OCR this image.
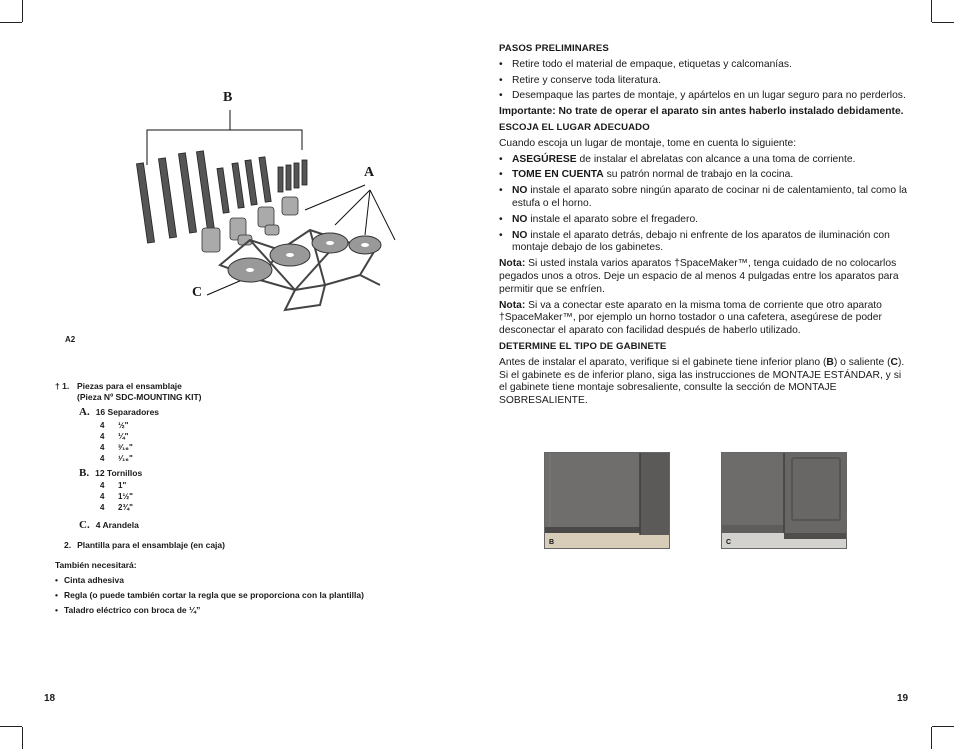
B
A
C
A2
† 1. Piezas para el ensamblaje
(Pieza Nº SDC-MOUNTING KIT)
A. 16 Separadores
4 ½"
4 ¼"
4 ³⁄₁₆"
4 ¹⁄₁₆"
B. 12 Tornillos
4 1"
4 1½"
4 2¾"
C. 4 Arandela
2. Plantilla para el ensamblaje (en caja)
También necesitará:
• Cinta adhesiva
• Regla (o puede también cortar la regla que se proporciona con la plantilla)
• Taladro eléctrico con broca de ¼”
18
PASOS PRELIMINARES
• Retire todo el material de empaque, etiquetas y calcomanías.
• Retire y conserve toda literatura.
• Desempaque las partes de montaje, y apártelos en un lugar seguro para no perderlos.

Importante: No trate de operar el aparato sin antes haberlo instalado debidamente.

ESCOJA EL LUGAR ADECUADO

Cuando escoja un lugar de montaje, tome en cuenta lo siguiente:

• ASEGÚRESE de instalar el abrelatas con alcance a una toma de corriente.
• TOME EN CUENTA su patrón normal de trabajo en la cocina.
• NO instale el aparato sobre ningún aparato de cocinar ni de calentamiento, tal como la estufa o el horno.
• NO instale el aparato sobre el fregadero.
• NO instale el aparato detrás, debajo ni enfrente de los aparatos de iluminación con montaje debajo de los gabinetes.

Nota: Si usted instala varios aparatos †SpaceMaker™, tenga cuidado de no colocarlos pegados unos a otros. Deje un espacio de al menos 4 pulgadas entre los aparatos para permitir que se enfríen.

Nota: Si va a conectar este aparato en la misma toma de corriente que otro aparato †SpaceMaker™, por ejemplo un horno tostador o una cafetera, asegúrese de poder desconectar el aparato con facilidad después de haberlo utilizado.

DETERMINE EL TIPO DE GABINETE

Antes de instalar el aparato, verifique si el gabinete tiene inferior plano (B) o saliente (C). Si el gabinete es de inferior plano, siga las instrucciones de MONTAJE ESTÁNDAR, y si el gabinete tiene montaje sobresaliente, consulte la sección de MONTAJE SOBRESALIENTE.

B	C
19
